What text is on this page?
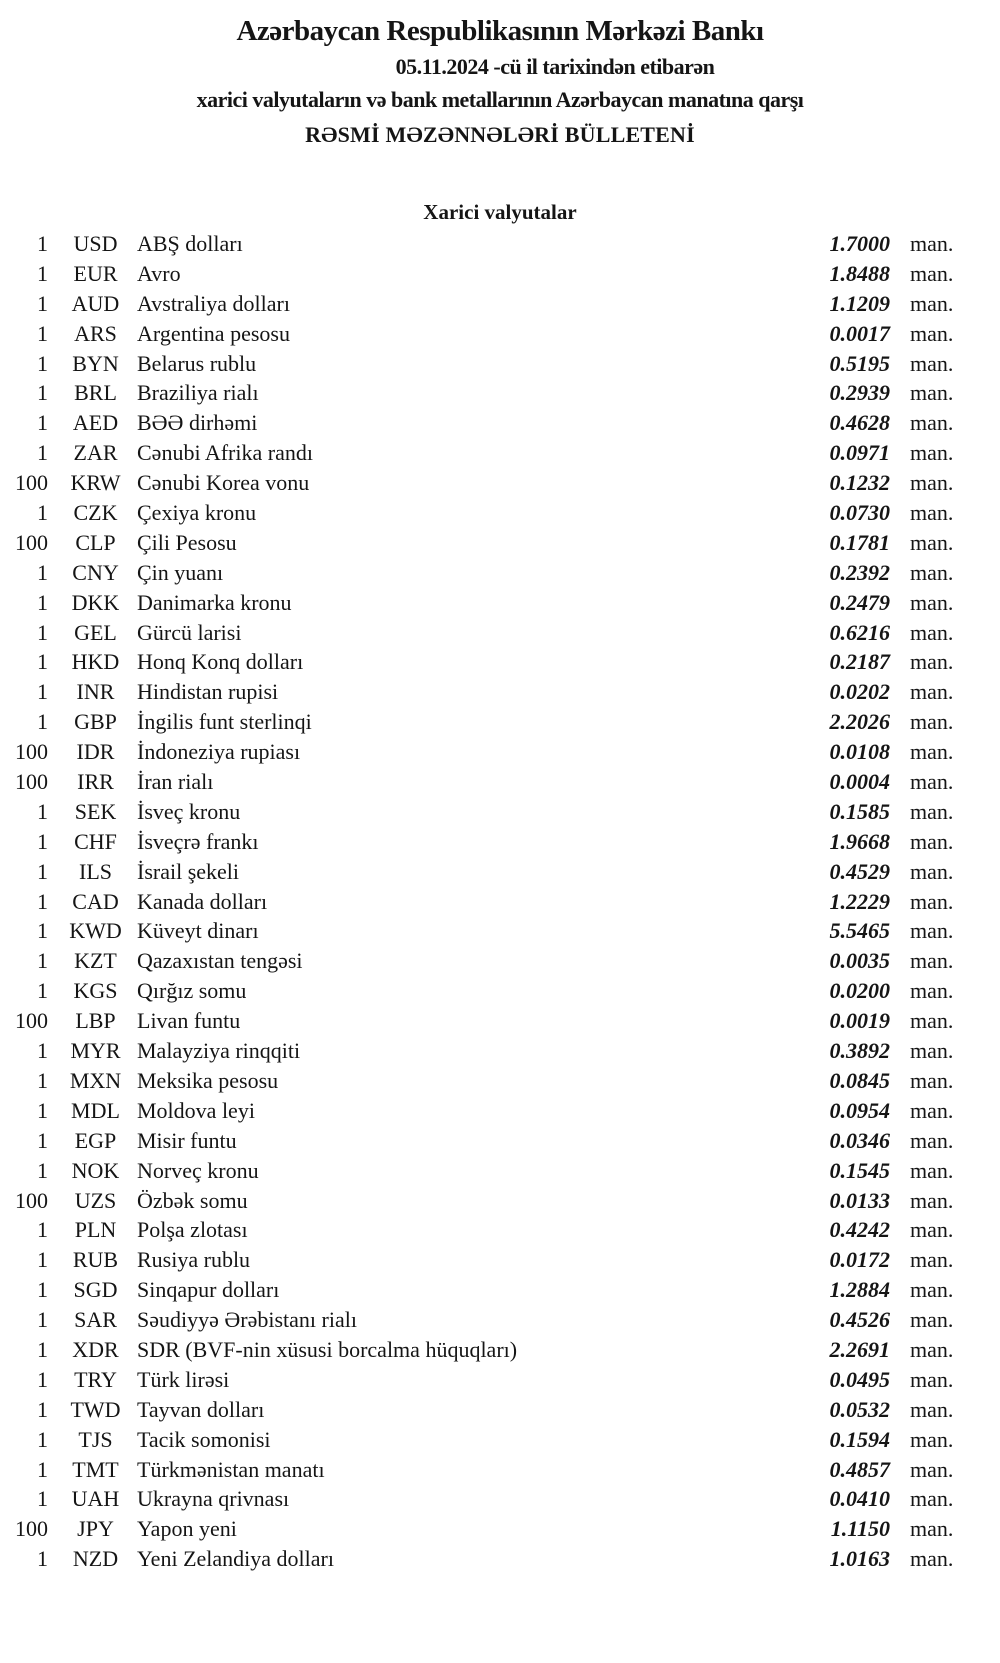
Azərbaycan Respublikasının Mərkəzi Bankı
05.11.2024 -cü il tarixindən etibarən
xarici valyutaların və bank metallarının Azərbaycan manatına qarşı
RƏSMİ MƏZƏNNƏLƏRİ BÜLLETENİ
Xarici valyutalar
1	USD ABŞ dolları	1.7000 man.
1	EUR Avro	1.8488 man.
1	AUD Avstraliya dolları	1.1209 man.
1	ARS Argentina pesosu	0.0017 man.
1	BYN Belarus rublu	0.5195 man.
1	BRL Braziliya rialı	0.2939 man.
1	AED BƏƏ dirhəmi	0.4628 man.
1	ZAR Cənubi Afrika randı	0.0971 man.
100	KRW Cənubi Korea vonu	0.1232 man.
1	CZK Çexiya kronu	0.0730 man.
100	CLP Çili Pesosu	0.1781 man.
1	CNY Çin yuanı	0.2392 man.
1	DKK Danimarka kronu	0.2479 man.
1	GEL Gürcü larisi	0.6216 man.
1	HKD Honq Konq dolları	0.2187 man.
1	INR	Hindistan rupisi	0.0202 man.
1	GBP İngilis funt sterlinqi	2.2026 man.
100	IDR	İndoneziya rupiası	0.0108 man.
100	IRR	İran rialı	0.0004 man.
1	SEK İsveç kronu	0.1585 man.
1	CHF İsveçrə frankı	1.9668 man.
1	ILS	İsrail şekeli	0.4529 man.
1	CAD Kanada dolları	1.2229 man.
1 KWD Küveyt dinarı	5.5465 man.
1	KZT Qazaxıstan tengəsi	0.0035 man.
1	KGS Qırğız somu	0.0200 man.
100	LBP Livan funtu	0.0019 man.
1	MYR Malayziya rinqqiti	0.3892 man.
1 MXN Meksika pesosu	0.0845 man.
1	MDL Moldova leyi	0.0954 man.
1	EGP Misir funtu	0.0346 man.
1	NOK Norveç kronu	0.1545 man.
100	UZS Özbək somu	0.0133 man.
1	PLN Polşa zlotası	0.4242 man.
1	RUB Rusiya rublu	0.0172 man.
1	SGD Sinqapur dolları	1.2884 man.
1	SAR Səudiyyə Ərəbistanı rialı	0.4526 man.
1	XDR SDR (BVF-nin xüsusi borcalma hüquqları)	2.2691 man.
1	TRY Türk lirəsi	0.0495 man.
1	TWD Tayvan dolları	0.0532 man.
1	TJS	Tacik somonisi	0.1594 man.
1	TMT Türkmənistan manatı	0.4857 man.
1	UAH Ukrayna qrivnası	0.0410 man.
100	JPY	Yapon yeni	1.1150 man.
1	NZD Yeni Zelandiya dolları	1.0163 man.
